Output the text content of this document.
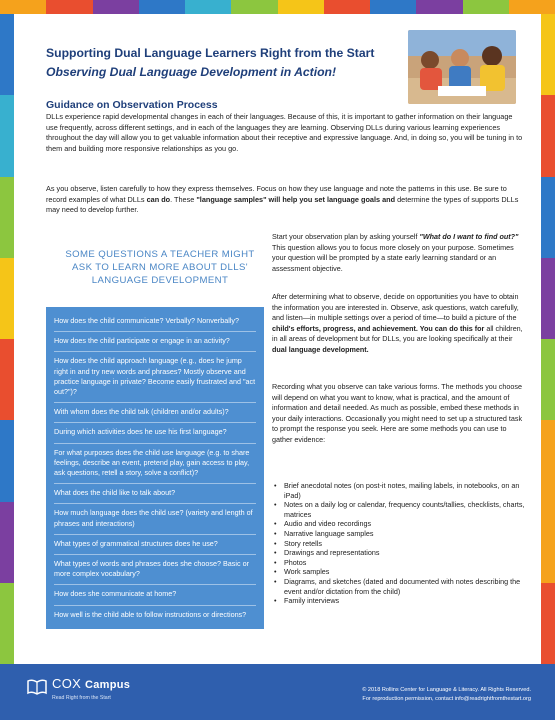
Supporting Dual Language Learners Right from the Start
Observing Dual Language Development in Action!
Guidance on Observation Process
DLLs experience rapid developmental changes in each of their languages. Because of this, it is important to gather information on their language use frequently, across different settings, and in each of the languages they are learning. Observing DLLs during various learning experiences throughout the day will allow you to get valuable information about their receptive and expressive language. And, in doing so, you will be tuning in to them and building more responsive relationships as you go.
As you observe, listen carefully to how they express themselves. Focus on how they use language and note the patterns in this use. Be sure to record examples of what DLLs can do. These "language samples" will help you set language goals and determine the types of supports DLLs may need to develop further.
SOME QUESTIONS A TEACHER MIGHT ASK TO LEARN MORE ABOUT DLLS' LANGUAGE DEVELOPMENT
How does the child communicate? Verbally? Nonverbally?
How does the child participate or engage in an activity?
How does the child approach language (e.g., does he jump right in and try new words and phrases? Mostly observe and practice language in private? Become easily frustrated and "act out?")?
With whom does the child talk (children and/or adults)?
During which activities does he use his first language?
For what purposes does the child use language (e.g. to share feelings, describe an event, pretend play, gain access to play, ask questions, retell a story, solve a conflict)?
What does the child like to talk about?
How much language does the child use? (variety and length of phrases and interactions)
What types of grammatical structures does he use?
What types of words and phrases does she choose? Basic or more complex vocabulary?
How does she communicate at home?
How well is the child able to follow instructions or directions?
Start your observation plan by asking yourself "What do I want to find out?" This question allows you to focus more closely on your purpose. Sometimes your question will be prompted by a state early learning standard or an assessment objective.
After determining what to observe, decide on opportunities you have to obtain the information you are interested in. Observe, ask questions, watch carefully, and listen—in multiple settings over a period of time—to build a picture of the child's efforts, progress, and achievement. You can do this for all children, in all areas of development but for DLLs, you are looking specifically at their dual language development.
Recording what you observe can take various forms. The methods you choose will depend on what you want to know, what is practical, and the amount of information and detail needed. As much as possible, embed these methods in your daily interactions. Occasionally you might need to set up a structured task to prompt the response you seek. Here are some methods you can use to gather evidence:
• Brief anecdotal notes (on post-it notes, mailing labels, in notebooks, on an iPad)
• Notes on a daily log or calendar, frequency counts/tallies, checklists, charts, matrices
• Audio and video recordings
• Narrative language samples
• Story retells
• Drawings and representations
• Photos
• Work samples
• Diagrams, and sketches (dated and documented with notes describing the event and/or dictation from the child)
• Family interviews
COX Campus
Read Right from the Start
© 2018 Rollins Center for Language & Literacy. All Rights Reserved.
For reproduction permission, contact info@readrightfromthestart.org
